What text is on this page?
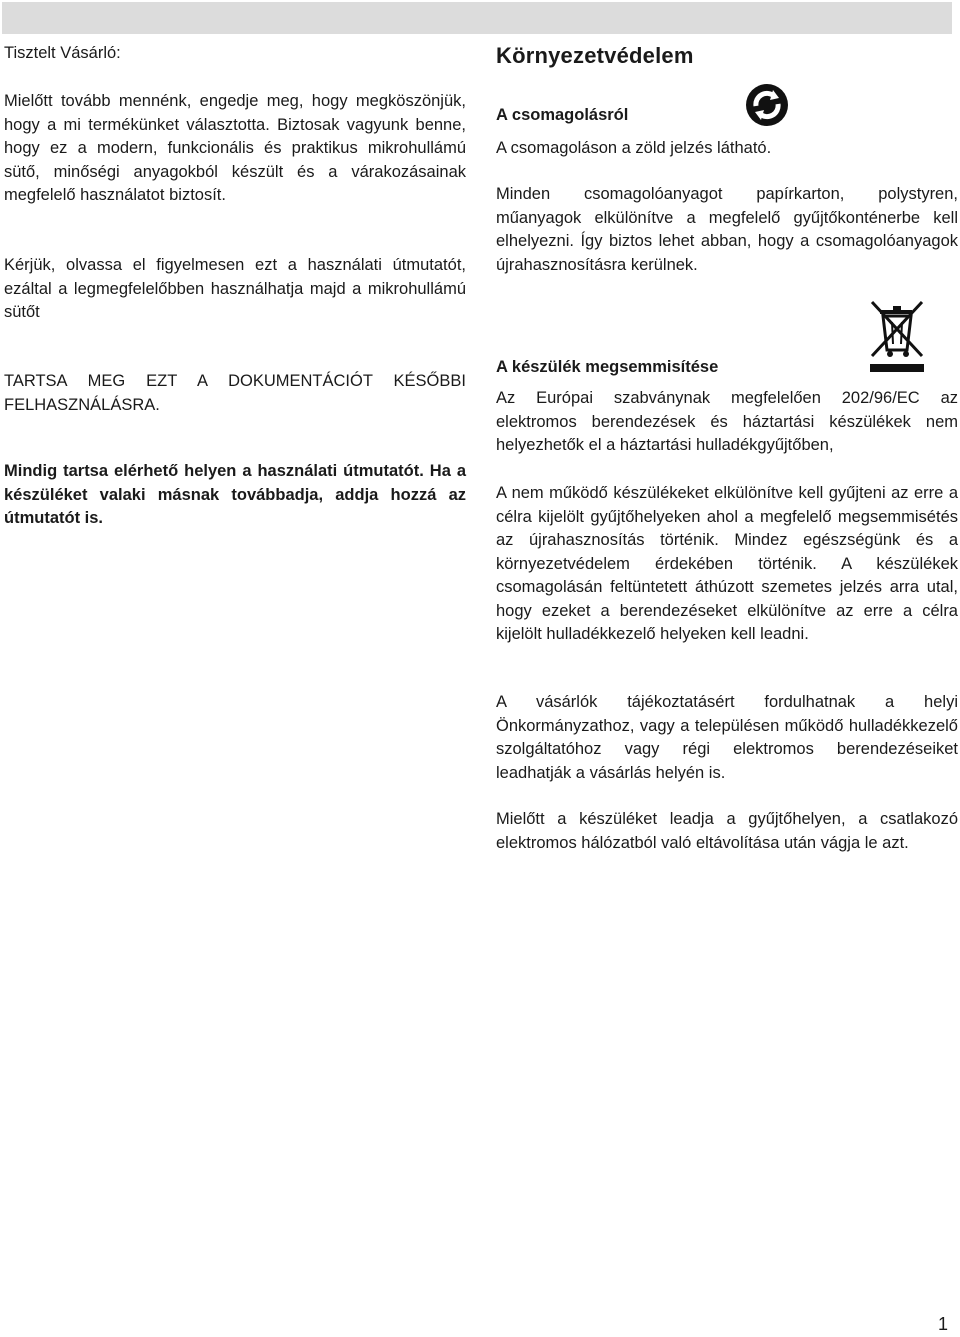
Tisztelt Vásárló:

Mielőtt tovább mennénk, engedje meg, hogy megköszönjük, hogy a mi termékünket választotta. Biztosak vagyunk benne, hogy ez a modern, funkcionális és praktikus mikrohullámú sütő, minőségi anyagokból készült és a várakozásainak megfelelő használatot biztosít.

Kérjük, olvassa el figyelmesen ezt a használati útmutatót, ezáltal a legmegfelelőbben használhatja majd a mikrohullámú sütőt

TARTSA MEG EZT A DOKUMENTÁCIÓT KÉSŐBBI FELHASZNÁLÁSRA.

Mindig tartsa elérhető helyen a használati útmutatót. Ha a készüléket valaki másnak továbbadja, addja hozzá az útmutatót is.

Környezetvédelem
A csomagolásról

A csomagoláson a zöld jelzés látható.

Minden csomagolóanyagot papírkarton, polystyren, műanyagok elkülönítve a megfelelő gyűjtőkonténerbe kell elhelyezni. Így biztos lehet abban, hogy a csomagolóanyagok újrahasznosításra kerülnek.

A készülék megsemmisítése

Az Európai szabványnak megfelelően 202/96/EC az elektromos berendezések és háztartási készülékek nem helyezhetők el a háztartási hulladékgyűjtőben,

A nem működő készülékeket elkülönítve kell gyűjteni az erre a célra kijelölt gyűjtőhelyeken ahol a megfelelő megsemmisétés az újrahasznosítás történik. Mindez egészségünk és a környezetvédelem érdekében történik. A készülékek csomagolásán feltüntetett áthúzott szemetes jelzés arra utal, hogy ezeket a berendezéseket elkülönítve az erre a célra kijelölt hulladékkezelő helyeken kell leadni.

A vásárlók tájékoztatásért fordulhatnak a helyi Önkormányzathoz, vagy a településen működő hulladékkezelő szolgáltatóhoz vagy régi elektromos berendezéseiket leadhatják a vásárlás helyén is.

Mielőtt a készüléket leadja a gyűjtőhelyen, a csatlakozó elektromos hálózatból való eltávolítása után vágja le azt.

1
